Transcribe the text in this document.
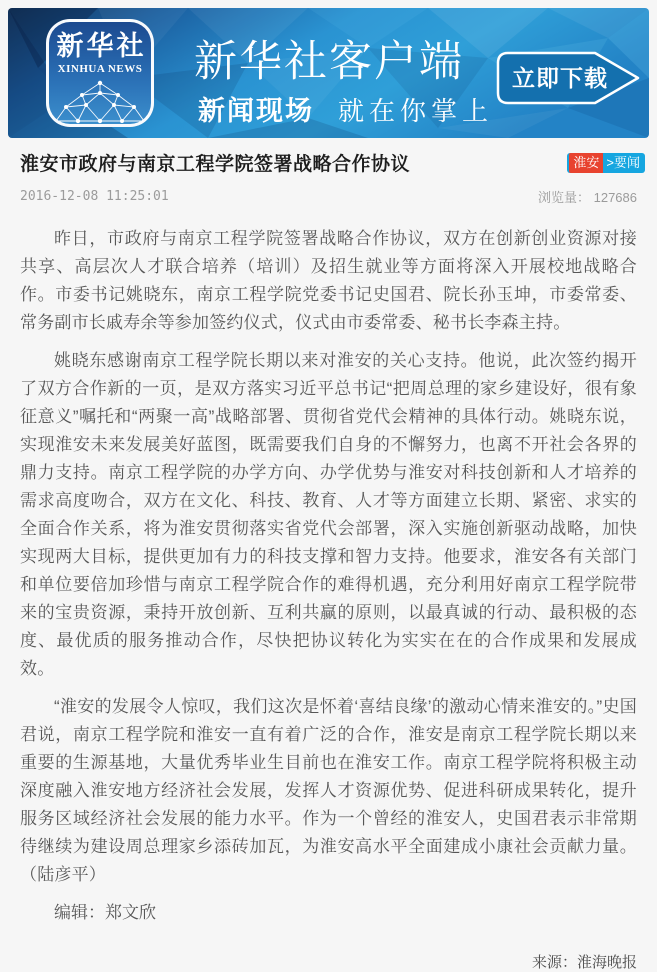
新华社
XINHUA NEWS 新华社客户端
新闻现场 就在你掌上
立即下载
淮安市政府与南京工程学院签署战略合作协议	淮安 > 要闻
2016-12-08 11:25:01	浏览量： 127686

昨日，市政府与南京工程学院签署战略合作协议，双方在创新创业资源对接共享、高层次人才联合培养（培训）及招生就业等方面将深入开展校地战略合作。市委书记姚晓东，南京工程学院党委书记史国君、院长孙玉坤，市委常委、常务副市长戚寿余等参加签约仪式，仪式由市委常委、秘书长李森主持。

姚晓东感谢南京工程学院长期以来对淮安的关心支持。他说，此次签约揭开了双方合作新的一页，是双方落实习近平总书记“把周总理的家乡建设好，很有象征意义”嘱托和“两聚一高”战略部署、贯彻省党代会精神的具体行动。姚晓东说，实现淮安未来发展美好蓝图，既需要我们自身的不懈努力，也离不开社会各界的鼎力支持。南京工程学院的办学方向、办学优势与淮安对科技创新和人才培养的需求高度吻合，双方在文化、科技、教育、人才等方面建立长期、紧密、求实的全面合作关系，将为淮安贯彻落实省党代会部署，深入实施创新驱动战略，加快实现两大目标，提供更加有力的科技支撑和智力支持。他要求，淮安各有关部门和单位要倍加珍惜与南京工程学院合作的难得机遇，充分利用好南京工程学院带来的宝贵资源，秉持开放创新、互利共赢的原则，以最真诚的行动、最积极的态度、最优质的服务推动合作，尽快把协议转化为实实在在的合作成果和发展成效。

“淮安的发展令人惊叹，我们这次是怀着‘喜结良缘’的激动心情来淮安的。”史国君说，南京工程学院和淮安一直有着广泛的合作，淮安是南京工程学院长期以来重要的生源基地，大量优秀毕业生目前也在淮安工作。南京工程学院将积极主动深度融入淮安地方经济社会发展，发挥人才资源优势、促进科研成果转化，提升服务区域经济社会发展的能力水平。作为一个曾经的淮安人，史国君表示非常期待继续为建设周总理家乡添砖加瓦，为淮安高水平全面建成小康社会贡献力量。（陆彦平）

编辑：郑文欣
来源：淮海晚报
